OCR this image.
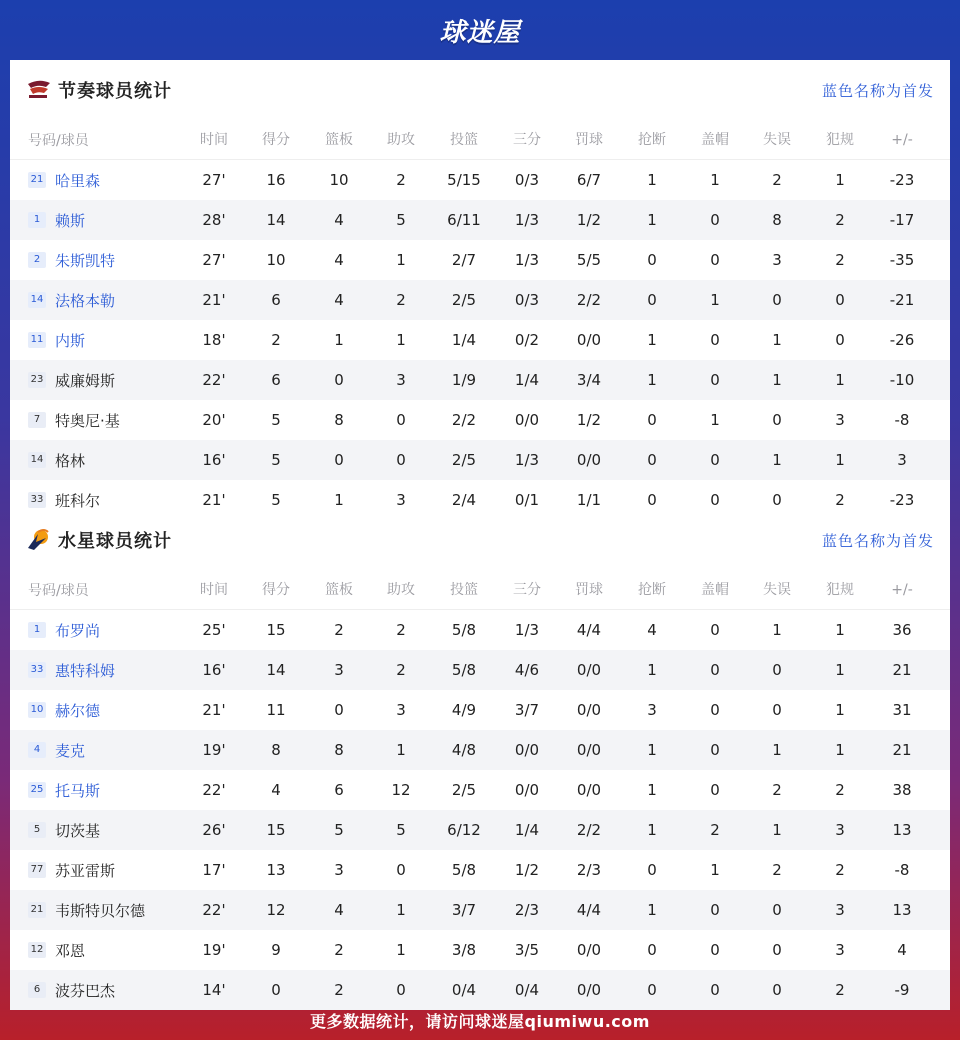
球迷屋
节奏球员统计	蓝色名称为首发
号码/球员	时间	得分	篮板	助攻	投篮	三分	罚球	抢断	盖帽	失误	犯规	+/-
21 哈里森	27'	16	10	2	5/15	0/3	6/7	1	1	2	1	-23
1 赖斯	28'	14	4	5	6/11	1/3	1/2	1	0	8	2	-17
2 朱斯凯特	27'	10	4	1	2/7	1/3	5/5	0	0	3	2	-35
14 法格本勒	21'	6	4	2	2/5	0/3	2/2	0	1	0	0	-21
11 内斯	18'	2	1	1	1/4	0/2	0/0	1	0	1	0	-26
23 威廉姆斯	22'	6	0	3	1/9	1/4	3/4	1	0	1	1	-10
7 特奥尼·基	20'	5	8	0	2/2	0/0	1/2	0	1	0	3	-8
14 格林	16'	5	0	0	2/5	1/3	0/0	0	0	1	1	3
33 班科尔	21'	5	1	3	2/4	0/1	1/1	0	0	0	2	-23
水星球员统计	蓝色名称为首发
号码/球员	时间	得分	篮板	助攻	投篮	三分	罚球	抢断	盖帽	失误	犯规	+/-
1 布罗尚	25'	15	2	2	5/8	1/3	4/4	4	0	1	1	36
33 惠特科姆	16'	14	3	2	5/8	4/6	0/0	1	0	0	1	21
10 赫尔德	21'	11	0	3	4/9	3/7	0/0	3	0	0	1	31
4 麦克	19'	8	8	1	4/8	0/0	0/0	1	0	1	1	21
25 托马斯	22'	4	6	12	2/5	0/0	0/0	1	0	2	2	38
5 切茨基	26'	15	5	5	6/12	1/4	2/2	1	2	1	3	13
77 苏亚雷斯	17'	13	3	0	5/8	1/2	2/3	0	1	2	2	-8
21 韦斯特贝尔德	22'	12	4	1	3/7	2/3	4/4	1	0	0	3	13
12 邓恩	19'	9	2	1	3/8	3/5	0/0	0	0	0	3	4
6 波芬巴杰	14'	0	2	0	0/4	0/4	0/0	0	0	0	2	-9
更多数据统计，请访问球迷屋qiumiwu.com
